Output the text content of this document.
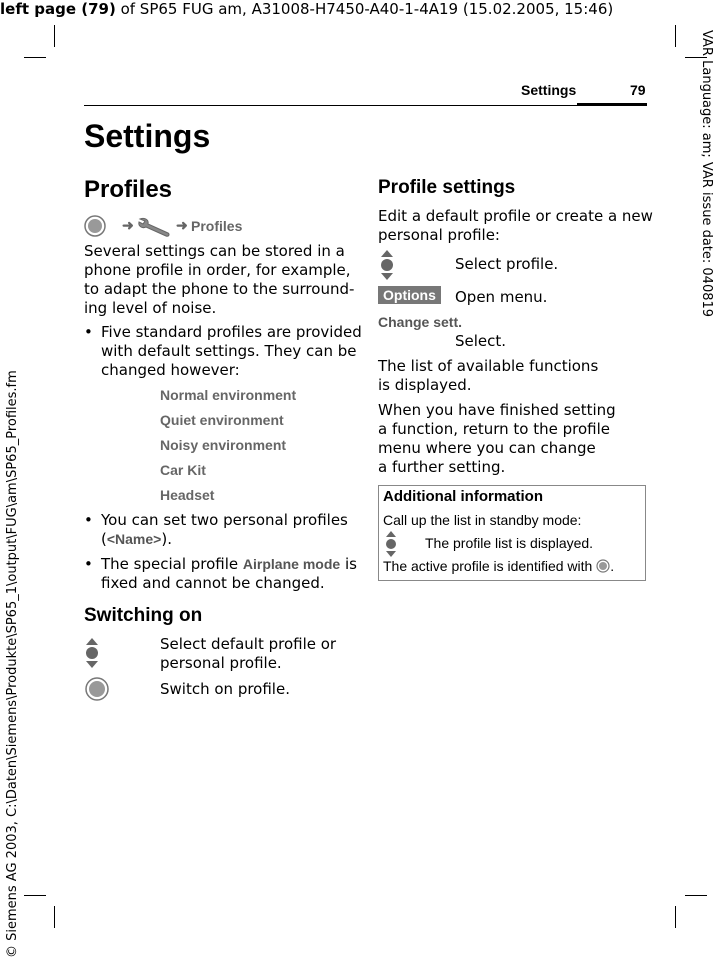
left page (79) of SP65 FUG am, A31008-H7450-A40-1-4A19 (15.02.2005, 15:46)
VAR Language: am; VAR issue date: 040819
© Siemens AG 2003, C:\Daten\Siemens\Produkte\SP65_1\output\FUG\am\SP65_Profiles.fm
Settings	79
Settings
Profiles
➜	➜ Profiles
Several settings can be stored in a
phone profile in order, for example,
to adapt the phone to the surround-
ing level of noise.
• Five standard profiles are provided
with default settings. They can be
changed however:
Normal environment
Quiet environment
Noisy environment
Car Kit
Headset
• You can set two personal profiles
(<Name>).
• The special profile Airplane mode is
fixed and cannot be changed.
Switching on
Select default profile or
personal profile.
Switch on profile.
Profile settings
Edit a default profile or create a new
personal profile:
Select profile.
Options	Open menu.
Change sett.
Select.
The list of available functions
is displayed.
When you have finished setting
a function, return to the profile
menu where you can change
a further setting.
Additional information
Call up the list in standby mode:
The profile list is displayed.
The active profile is identified with .
